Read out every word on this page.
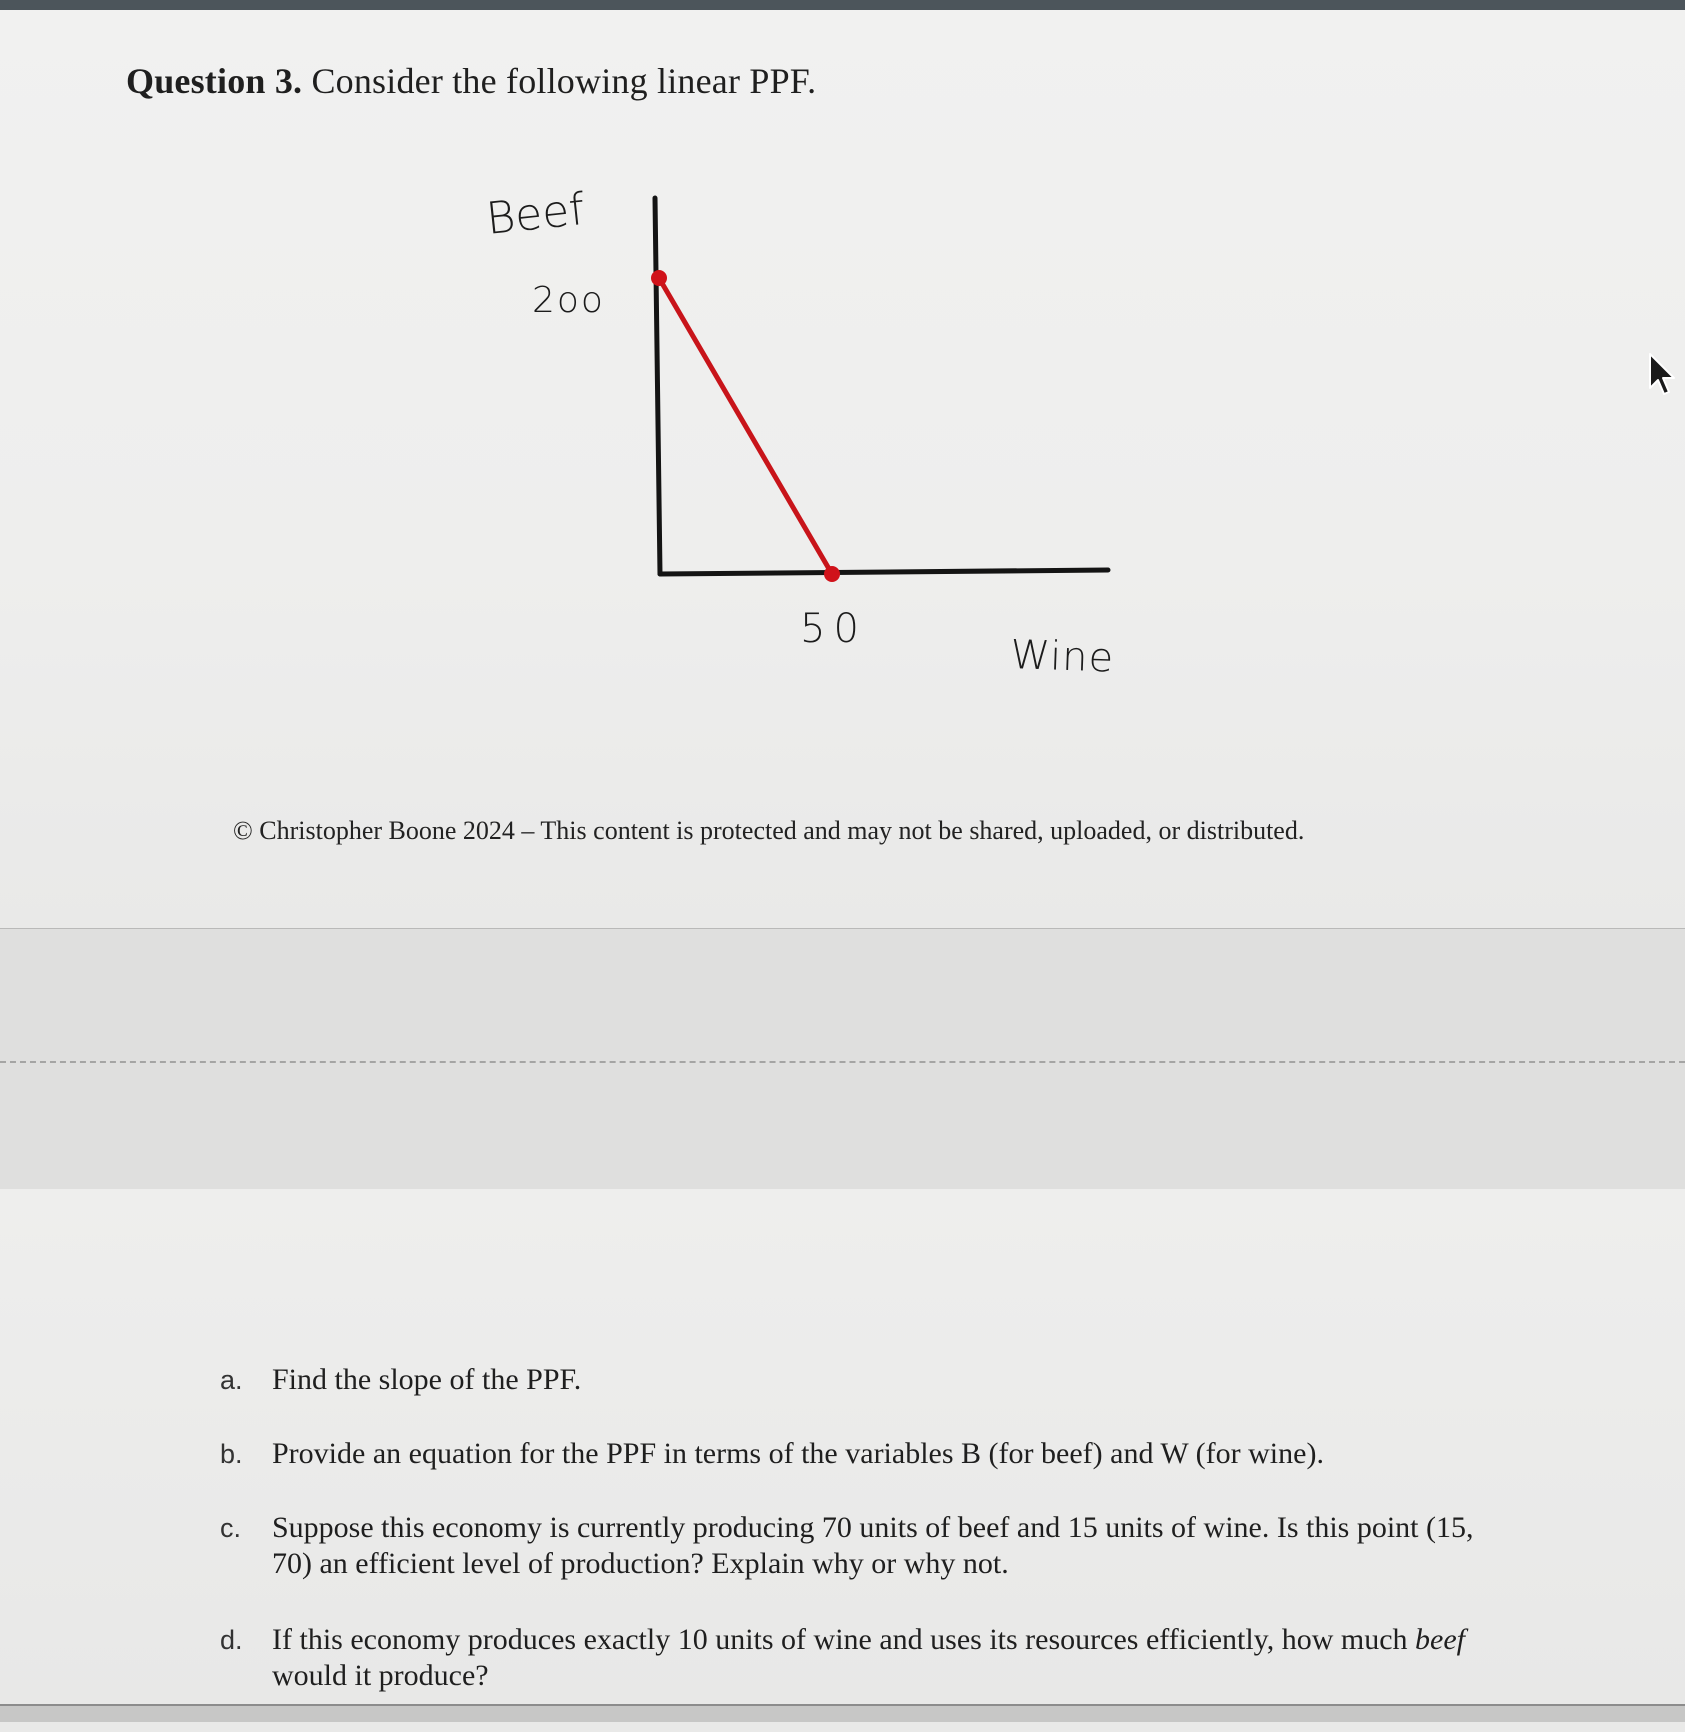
Question 3. Consider the following linear PPF.
Beef
2oo
50
Wine
© Christopher Boone 2024 – This content is protected and may not be shared, uploaded, or distributed.
a. Find the slope of the PPF.
b. Provide an equation for the PPF in terms of the variables B (for beef) and W (for wine).
c. Suppose this economy is currently producing 70 units of beef and 15 units of wine. Is this point (15, 70) an efficient level of production? Explain why or why not.
d. If this economy produces exactly 10 units of wine and uses its resources efficiently, how much beef would it produce?
